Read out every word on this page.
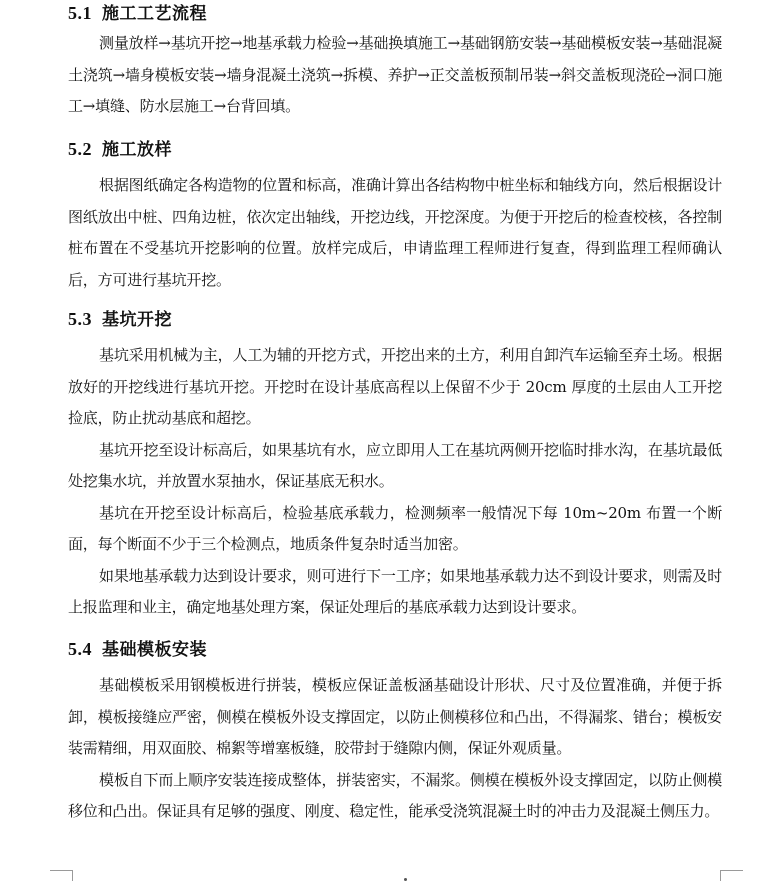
5.1 施工工艺流程

测量放样→基坑开挖→地基承载力检验→基础换填施工→基础钢筋安装→基础模板安装→基础混凝土浇筑→墙身模板安装→墙身混凝土浇筑→拆模、养护→正交盖板预制吊装→斜交盖板现浇砼→洞口施工→填缝、防水层施工→台背回填。

5.2 施工放样

根据图纸确定各构造物的位置和标高，准确计算出各结构物中桩坐标和轴线方向，然后根据设计图纸放出中桩、四角边桩，依次定出轴线，开挖边线，开挖深度。为便于开挖后的检查校核，各控制桩布置在不受基坑开挖影响的位置。放样完成后，申请监理工程师进行复查，得到监理工程师确认后，方可进行基坑开挖。

5.3 基坑开挖

基坑采用机械为主，人工为辅的开挖方式，开挖出来的土方，利用自卸汽车运输至弃土场。根据放好的开挖线进行基坑开挖。开挖时在设计基底高程以上保留不少于 20cm 厚度的土层由人工开挖捡底，防止扰动基底和超挖。

基坑开挖至设计标高后，如果基坑有水，应立即用人工在基坑两侧开挖临时排水沟，在基坑最低处挖集水坑，并放置水泵抽水，保证基底无积水。

基坑在开挖至设计标高后，检验基底承载力，检测频率一般情况下每 10m~20m 布置一个断面，每个断面不少于三个检测点，地质条件复杂时适当加密。

如果地基承载力达到设计要求，则可进行下一工序；如果地基承载力达不到设计要求，则需及时上报监理和业主，确定地基处理方案，保证处理后的基底承载力达到设计要求。

5.4 基础模板安装

基础模板采用钢模板进行拼装，模板应保证盖板涵基础设计形状、尺寸及位置准确，并便于拆卸，模板接缝应严密，侧模在模板外设支撑固定，以防止侧模移位和凸出，不得漏浆、错台；模板安装需精细，用双面胶、棉絮等增塞板缝，胶带封于缝隙内侧，保证外观质量。

模板自下而上顺序安装连接成整体，拼装密实，不漏浆。侧模在模板外设支撑固定，以防止侧模移位和凸出。保证具有足够的强度、刚度、稳定性，能承受浇筑混凝土时的冲击力及混凝土侧压力。
